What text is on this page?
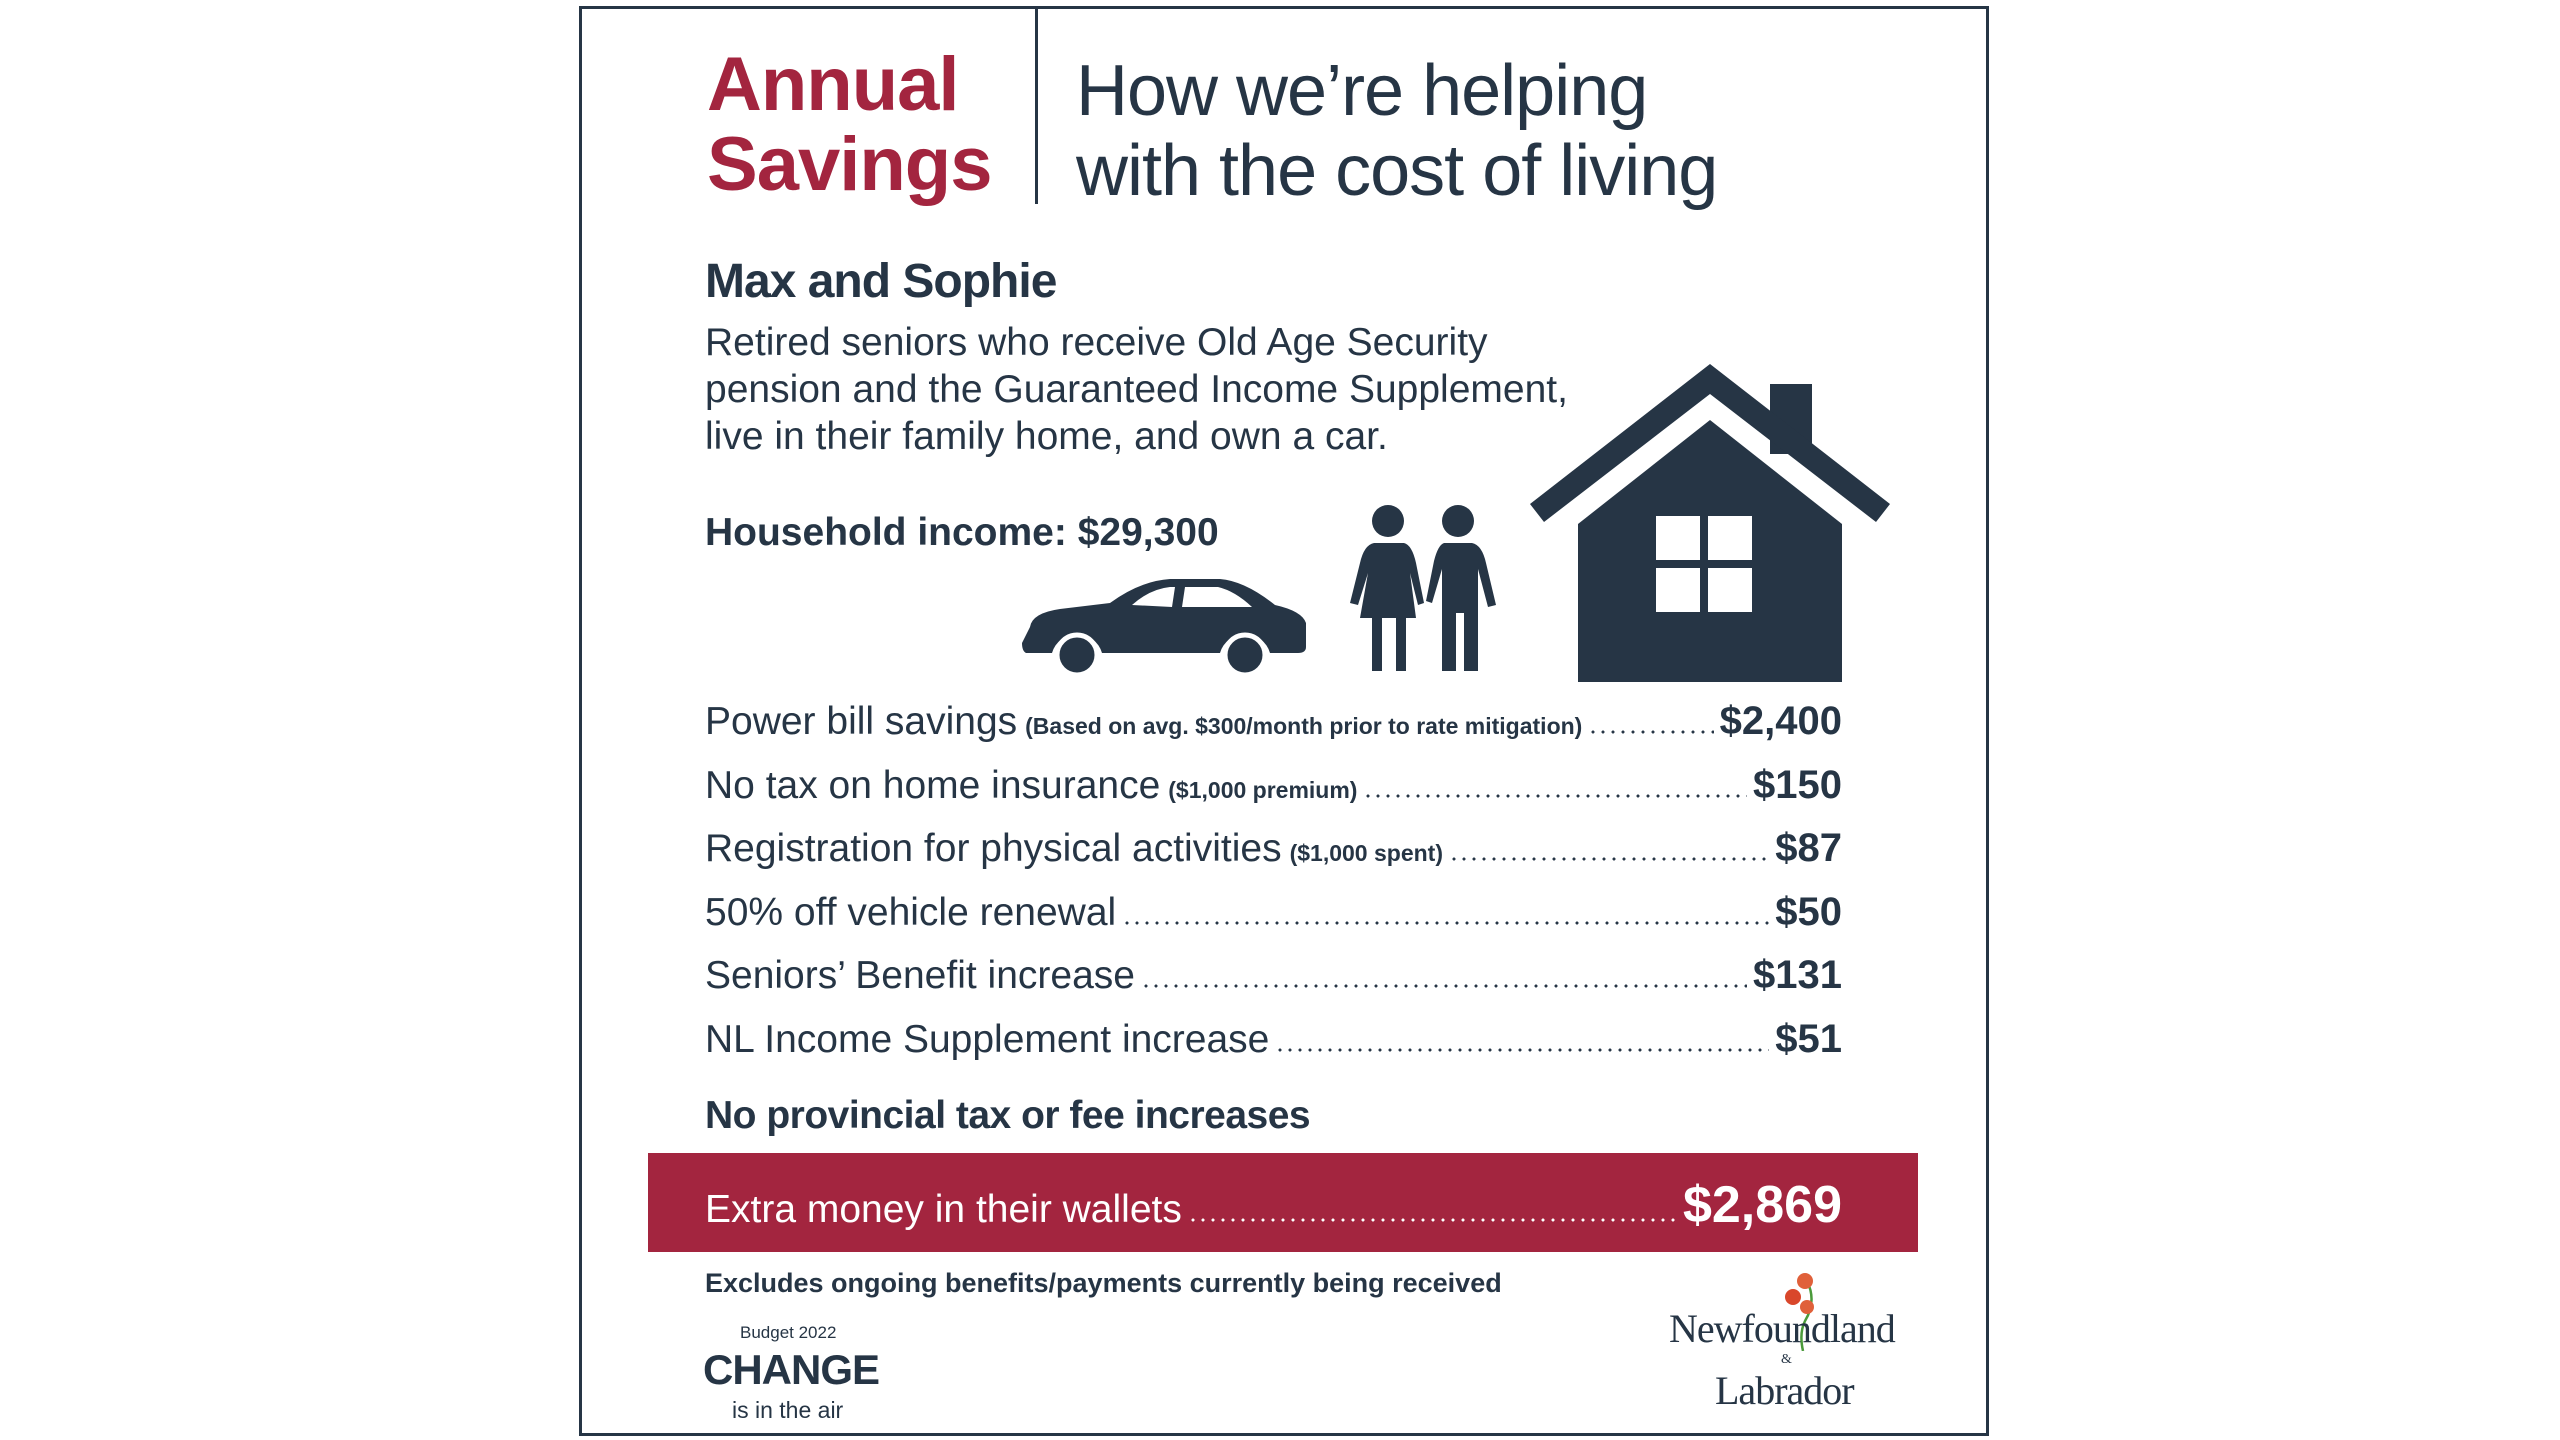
Annual
Savings
How we’re helping
with the cost of living
Max and Sophie
Retired seniors who receive Old Age Security
pension and the Guaranteed Income Supplement,
live in their family home, and own a car.
Household income: $29,300
Power bill savings (Based on avg. $300/month prior to rate mitigation)	$2,400
No tax on home insurance ($1,000 premium)	$150
Registration for physical activities ($1,000 spent)	$87
50% off vehicle renewal	$50
Seniors’ Benefit increase	$131
NL Income Supplement increase	$51
No provincial tax or fee increases
Extra money in their wallets	$2,869
Excludes ongoing benefits/payments currently being received
Budget 2022
CHANGE
is in the air
Newfoundland
&
Labrador
